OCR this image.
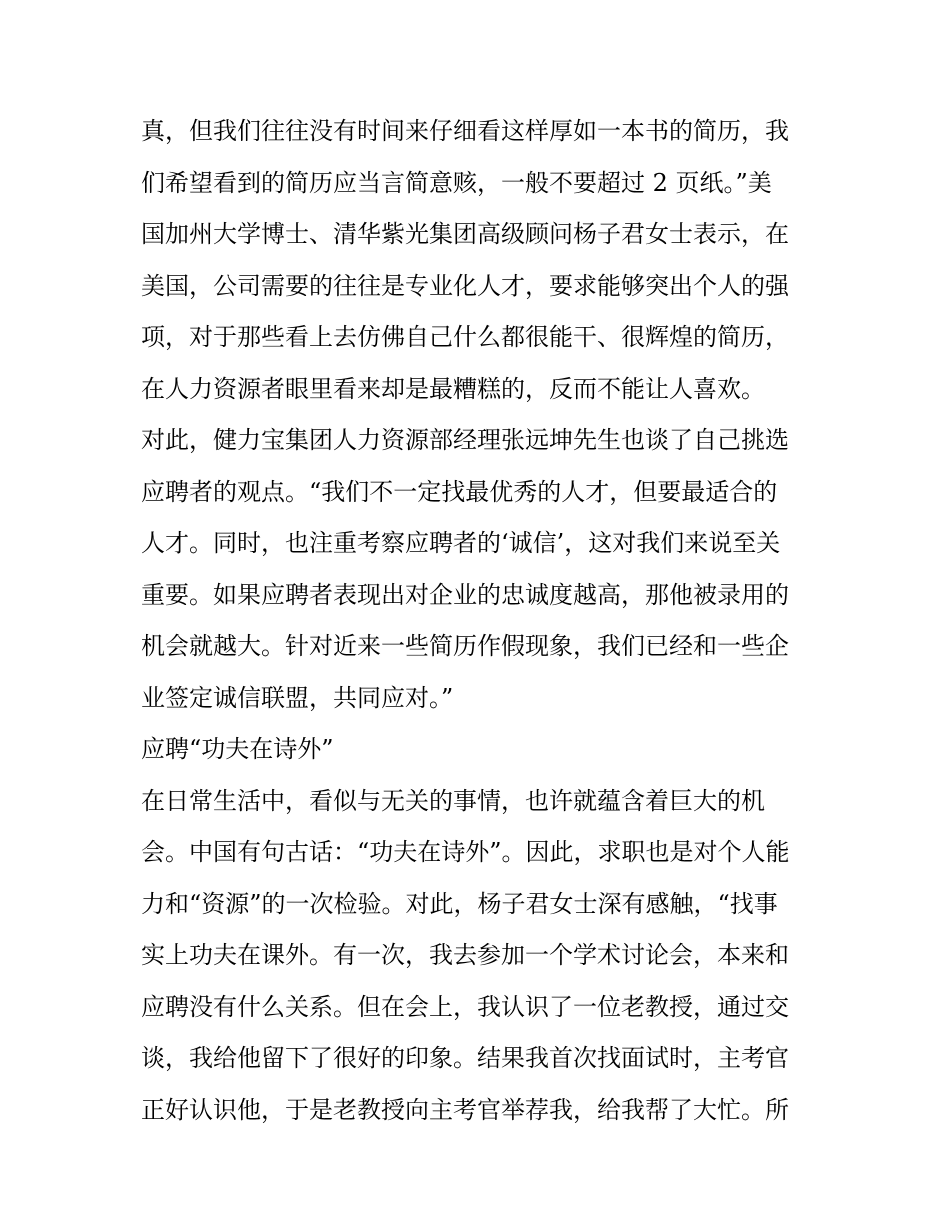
真，但我们往往没有时间来仔细看这样厚如一本书的简历，我

们希望看到的简历应当言简意赅，一般不要超过 2 页纸。”美

国加州大学博士、清华紫光集团高级顾问杨子君女士表示，在

美国，公司需要的往往是专业化人才，要求能够突出个人的强

项，对于那些看上去仿佛自己什么都很能干、很辉煌的简历，

在人力资源者眼里看来却是最糟糕的，反而不能让人喜欢。

对此，健力宝集团人力资源部经理张远坤先生也谈了自己挑选

应聘者的观点。“我们不一定找最优秀的人才，但要最适合的

人才。同时，也注重考察应聘者的‘诚信’，这对我们来说至关

重要。如果应聘者表现出对企业的忠诚度越高，那他被录用的

机会就越大。针对近来一些简历作假现象，我们已经和一些企

业签定诚信联盟，共同应对。”

应聘“功夫在诗外”

在日常生活中，看似与无关的事情，也许就蕴含着巨大的机

会。中国有句古话：“功夫在诗外”。因此，求职也是对个人能

力和“资源”的一次检验。对此，杨子君女士深有感触，“找事

实上功夫在课外。有一次，我去参加一个学术讨论会，本来和

应聘没有什么关系。但在会上，我认识了一位老教授，通过交

谈，我给他留下了很好的印象。结果我首次找面试时，主考官

正好认识他，于是老教授向主考官举荐我，给我帮了大忙。所
